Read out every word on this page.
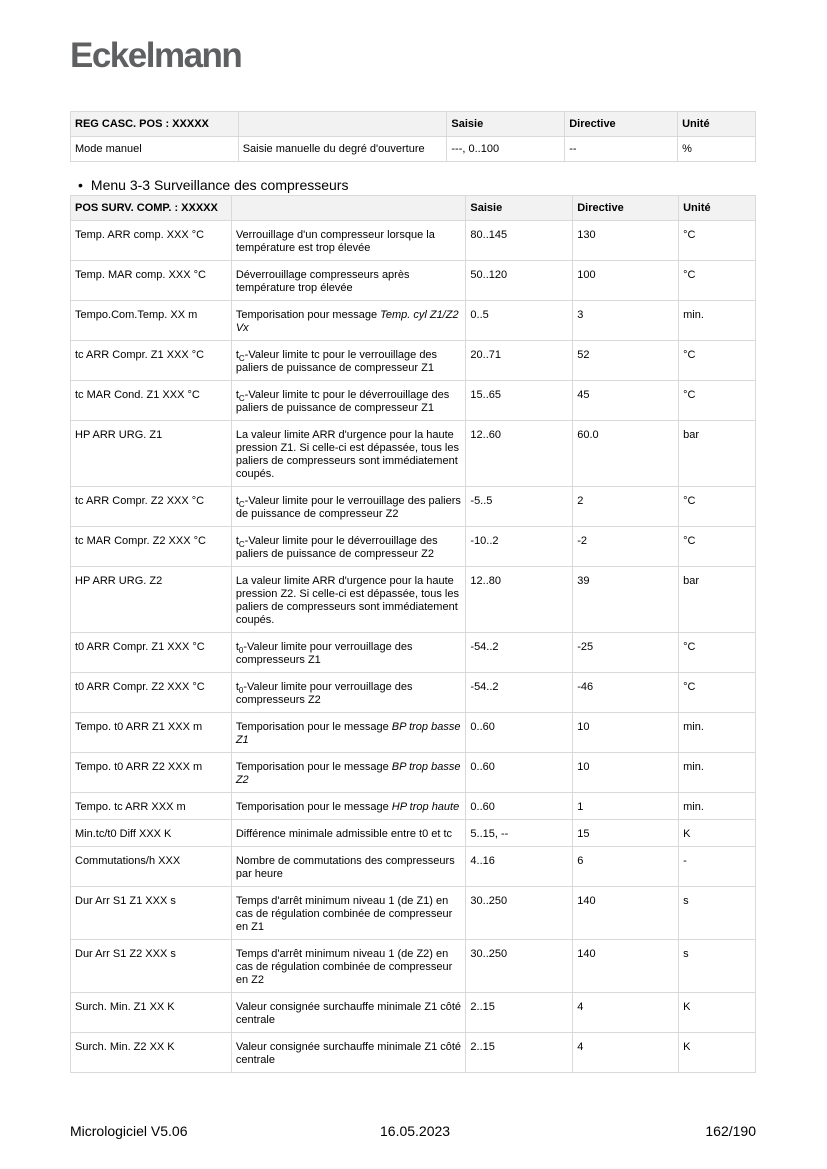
Eckelmann
REG CASC. POS : XXXXX		Saisie	Directive	Unité
Mode manuel	Saisie manuelle du degré d'ouverture	---, 0..100	--	%
• Menu 3-3 Surveillance des compresseurs
POS SURV. COMP. : XXXXX		Saisie	Directive	Unité
Temp. ARR comp. XXX °C	Verrouillage d'un compresseur lorsque la température est trop élevée	80..145	130	°C
Temp. MAR comp. XXX °C	Déverrouillage compresseurs après température trop élevée	50..120	100	°C
Tempo.Com.Temp. XX m	Temporisation pour message Temp. cyl Z1/Z2 Vx	0..5	3	min.
tc ARR Compr. Z1 XXX °C	$t_C$-Valeur limite tc pour le verrouillage des paliers de puissance de compresseur Z1	20..71	52	°C
tc MAR Cond. Z1 XXX °C	$t_C$-Valeur limite tc pour le déverrouillage des paliers de puissance de compresseur Z1	15..65	45	°C
HP ARR URG. Z1	La valeur limite ARR d'urgence pour la haute pression Z1. Si celle-ci est dépassée, tous les paliers de compresseurs sont immédiatement coupés.	12..60	60.0	bar
tc ARR Compr. Z2 XXX °C	$t_C$-Valeur limite pour le verrouillage des paliers de puissance de compresseur Z2	-5..5	2	°C
tc MAR Compr. Z2 XXX °C	$t_C$-Valeur limite pour le déverrouillage des paliers de puissance de compresseur Z2	-10..2	-2	°C
HP ARR URG. Z2	La valeur limite ARR d'urgence pour la haute pression Z2. Si celle-ci est dépassée, tous les paliers de compresseurs sont immédiatement coupés.	12..80	39	bar
t0 ARR Compr. Z1 XXX °C	$t_0$-Valeur limite pour verrouillage des compresseurs Z1	-54..2	-25	°C
t0 ARR Compr. Z2 XXX °C	$t_0$-Valeur limite pour verrouillage des compresseurs Z2	-54..2	-46	°C
Tempo. t0 ARR Z1 XXX m	Temporisation pour le message BP trop basse Z1	0..60	10	min.
Tempo. t0 ARR Z2 XXX m	Temporisation pour le message BP trop basse Z2	0..60	10	min.
Tempo. tc ARR XXX m	Temporisation pour le message HP trop haute	0..60	1	min.
Min.tc/t0 Diff XXX K	Différence minimale admissible entre t0 et tc	5..15, --	15	K
Commutations/h XXX	Nombre de commutations des compresseurs par heure	4..16	6	-
Dur Arr S1 Z1 XXX s	Temps d'arrêt minimum niveau 1 (de Z1) en cas de régulation combinée de compresseur en Z1	30..250	140	s
Dur Arr S1 Z2 XXX s	Temps d'arrêt minimum niveau 1 (de Z2) en cas de régulation combinée de compresseur en Z2	30..250	140	s
Surch. Min. Z1 XX K	Valeur consignée surchauffe minimale Z1 côté centrale	2..15	4	K
Surch. Min. Z2 XX K	Valeur consignée surchauffe minimale Z1 côté centrale	2..15	4	K
Micrologiciel V5.06	16.05.2023	162/190
